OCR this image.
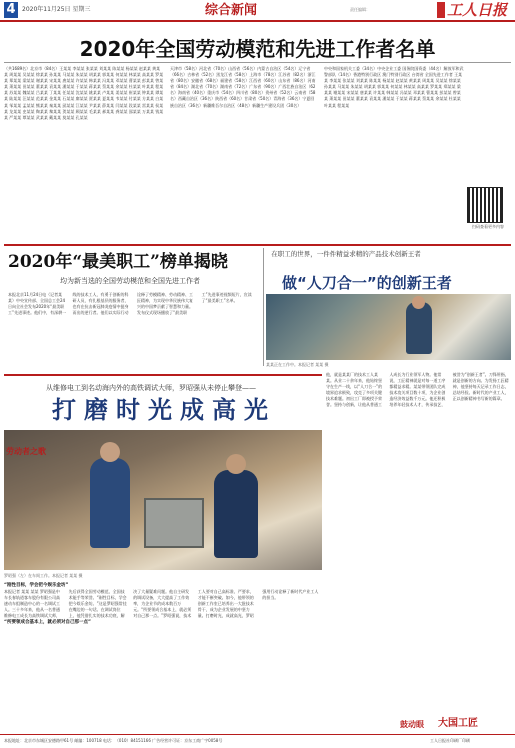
4	2020年11月25日 星期三	综合新闻	责任编辑：	工人日报
2020年全国劳动模范和先进工作者名单

（共1689名）北京市（84名）王某某 李某某 张某某 刘某某 陈某某 杨某某 赵某某 黄某某 周某某 吴某某 徐某某 孙某某 马某某 朱某某 胡某某 郭某某 何某某 林某某 高某某 罗某某 郑某某 梁某某 谢某某 宋某某 唐某某 许某某 韩某某 冯某某 邓某某 曹某某 彭某某 曾某某 萧某某 田某某 董某某 袁某某 潘某某 于某某 蒋某某 蔡某某 余某某 杜某某 叶某某 程某某 苏某某 魏某某 吕某某 丁某某 任某某 沈某某 姚某某 卢某某 姜某某 崔某某 钟某某 谭某某 陆某某 汪某某 范某某 金某某 石某某 廖某某 贾某某 夏某某 韦某某 付某某 方某某 白某某 邹某某 孟某某 熊某某 秦某某 邱某某 江某某 尹某某 薛某某 闫某某 段某某 雷某某 侯某某 龙某某 史某某 陶某某 黎某某 贺某某 顾某某 毛某某 郝某某 龚某某 邵某某 万某某 钱某某 严某某 覃某某 武某某 戴某某 莫某某 孔某某

天津市（58名）河北省（70名）山西省（56名）内蒙古自治区（54名）辽宁省（66名）吉林省（52名）黑龙江省（58名）上海市（78名）江苏省（82名）浙江省（80名）安徽省（68名）福建省（58名）江西省（60名）山东省（86名）河南省（84名）湖北省（70名）湖南省（72名）广东省（90名）广西壮族自治区（62名）海南省（40名）重庆市（54名）四川省（80名）贵州省（52名）云南省（58名）西藏自治区（36名）陕西省（60名）甘肃省（50名）青海省（36名）宁夏回族自治区（36名）新疆维吾尔自治区（48名）新疆生产建设兵团（30名）

中央和国家机关工委（34名）中央企业工委 国务院国资委（44名）解放军和武警部队（14名）香港特别行政区 澳门特别行政区 台湾省 全国先进工作者 王某某 李某某 张某某 刘某某 陈某某 杨某某 赵某某 黄某某 周某某 吴某某 徐某某 孙某某 马某某 朱某某 胡某某 郭某某 何某某 林某某 高某某 罗某某 郑某某 梁某某 谢某某 宋某某 唐某某 许某某 韩某某 冯某某 邓某某 曹某某 彭某某 曾某某 萧某某 田某某 董某某 袁某某 潘某某 于某某 蒋某某 蔡某某 余某某 杜某某 叶某某 程某某

扫码查看更多内容
2020年“最美职工”榜单揭晓
均为新当选的全国劳动模范和全国先进工作者

本报北京11月24日电（记者某某）中央宣传部、全国总工会24日向全社会发布2020年“最美职工”先进事迹。他们中，有深耕一线的技术工人，有勇于创新的科研人员，有扎根基层的服务者，也有在抗击新冠肺炎疫情中挺身而出的逆行者。他们以实际行动诠释了劳模精神、劳动精神、工匠精神，为实现中华民族伟大复兴的中国梦贡献了智慧和力量。发布仪式现场播放了“最美职工”先进事迹视频短片，宣读了“最美职工”名单。

在职工的世界，一件件精益求精的产品技术创新王者
做“人刀合一”的创新王者
某某正在工作中。本报记者 某某 摄
从维修电工到名动海内外的高铁调试大师，罗昭强从未停止攀登——
打磨时光成高光
劳动者之歌
罗昭强（左）在车间工作。本报记者 某某 摄
“刚性目标，学会把今娱乐金坊”

本报记者 某某 某某 罗昭强是中车长春轨道客车股份有限公司高速动车组制造中心的一名调试工人。三十多年来，他从一名普通维修电工成长为高铁调试大师，先后获得全国劳动模范、全国技术能手等荣誉。“刚性目标，学会把今娱乐金坊。”这是罗昭强常挂在嘴边的一句话。在调试岗位上，他凭借扎实的技术功底，解决了大量疑难问题。他自主研发的调试设备，大大提高了工作效率，为企业节约成本数百万元。“所要领成合基本上，就必须对自己那一点。”罗昭强说，技术工人要对自己高标准、严要求，才能不断突破。如今，他带领的创新工作室已培养出一大批技术骨干，成为企业发展的中坚力量。打磨时光，成就高光，罗昭强用行动诠释了新时代产业工人的担当。

“所要领成合基本上，就必须对自己那一点”

他，就是某某厂的技术工人某某。从业二十余年来，他始终坚守在生产一线，以“人刀合一”的境界追求极致，攻克了多项关键技术难题。初出工厂即被授予荣誉。坚持与创新，让他从普通工人成长为行业领军人物。他常说，工匠精神就是对每一道工序都精益求精。某某带领团队完成技术攻关项目数十项，为企业创造经济效益数千万元。他还积极培养年轻技术人才，传承技艺，被誉为“创新王者”。刀锋所指，就是创新的方向。为发扬工匠精神，他坚持每天记录工作日志，总结经验。新时代的产业工人，正以创新精神书写新的篇章。

鼓动眼 大国工匠
本报地址：北京市东城区安德路甲61号 邮编：100718 电话：（010）84151166 广告经营许可证：京东工商广字0058号	工人日报社印刷厂印刷
